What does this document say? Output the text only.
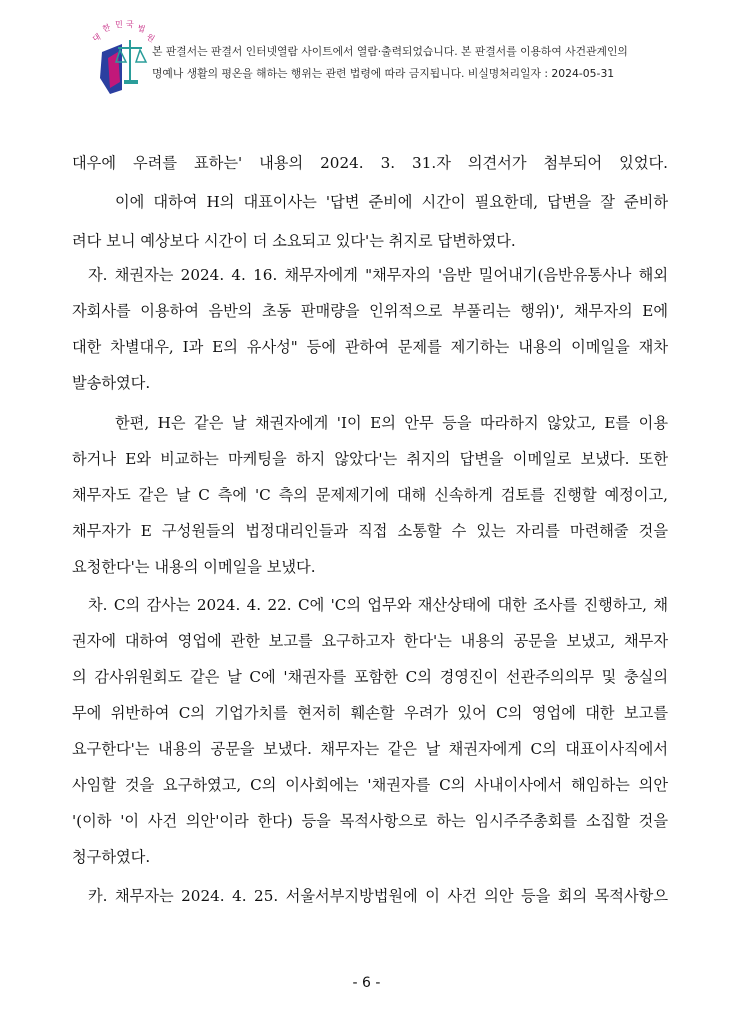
대
한 민 국 법
원
본 판결서는 판결서 인터넷열람 사이트에서 열람·출력되었습니다. 본 판결서를 이용하여 사건관계인의
명예나 생활의 평온을 해하는 행위는 관련 법령에 따라 금지됩니다. 비실명처리일자 : 2024-05-31
대우에 우려를 표하는' 내용의 2024. 3. 31.자 의견서가 첨부되어 있었다.
이에 대하여 H의 대표이사는 '답변 준비에 시간이 필요한데, 답변을 잘 준비하
려다 보니 예상보다 시간이 더 소요되고 있다'는 취지로 답변하였다.
자. 채권자는 2024. 4. 16. 채무자에게 "채무자의 '음반 밀어내기(음반유통사나 해외
자회사를 이용하여 음반의 초동 판매량을 인위적으로 부풀리는 행위)', 채무자의 E에
대한 차별대우, I과 E의 유사성" 등에 관하여 문제를 제기하는 내용의 이메일을 재차
발송하였다.
한편, H은 같은 날 채권자에게 'I이 E의 안무 등을 따라하지 않았고, E를 이용
하거나 E와 비교하는 마케팅을 하지 않았다'는 취지의 답변을 이메일로 보냈다. 또한
채무자도 같은 날 C 측에 'C 측의 문제제기에 대해 신속하게 검토를 진행할 예정이고,
채무자가 E 구성원들의 법정대리인들과 직접 소통할 수 있는 자리를 마련해줄 것을
요청한다'는 내용의 이메일을 보냈다.
차. C의 감사는 2024. 4. 22. C에 'C의 업무와 재산상태에 대한 조사를 진행하고, 채
권자에 대하여 영업에 관한 보고를 요구하고자 한다'는 내용의 공문을 보냈고, 채무자
의 감사위원회도 같은 날 C에 '채권자를 포함한 C의 경영진이 선관주의의무 및 충실의
무에 위반하여 C의 기업가치를 현저히 훼손할 우려가 있어 C의 영업에 대한 보고를
요구한다'는 내용의 공문을 보냈다. 채무자는 같은 날 채권자에게 C의 대표이사직에서
사임할 것을 요구하였고, C의 이사회에는 '채권자를 C의 사내이사에서 해임하는 의안
'(이하 '이 사건 의안'이라 한다) 등을 목적사항으로 하는 임시주주총회를 소집할 것을
청구하였다.
카. 채무자는 2024. 4. 25. 서울서부지방법원에 이 사건 의안 등을 회의 목적사항으
- 6 -
